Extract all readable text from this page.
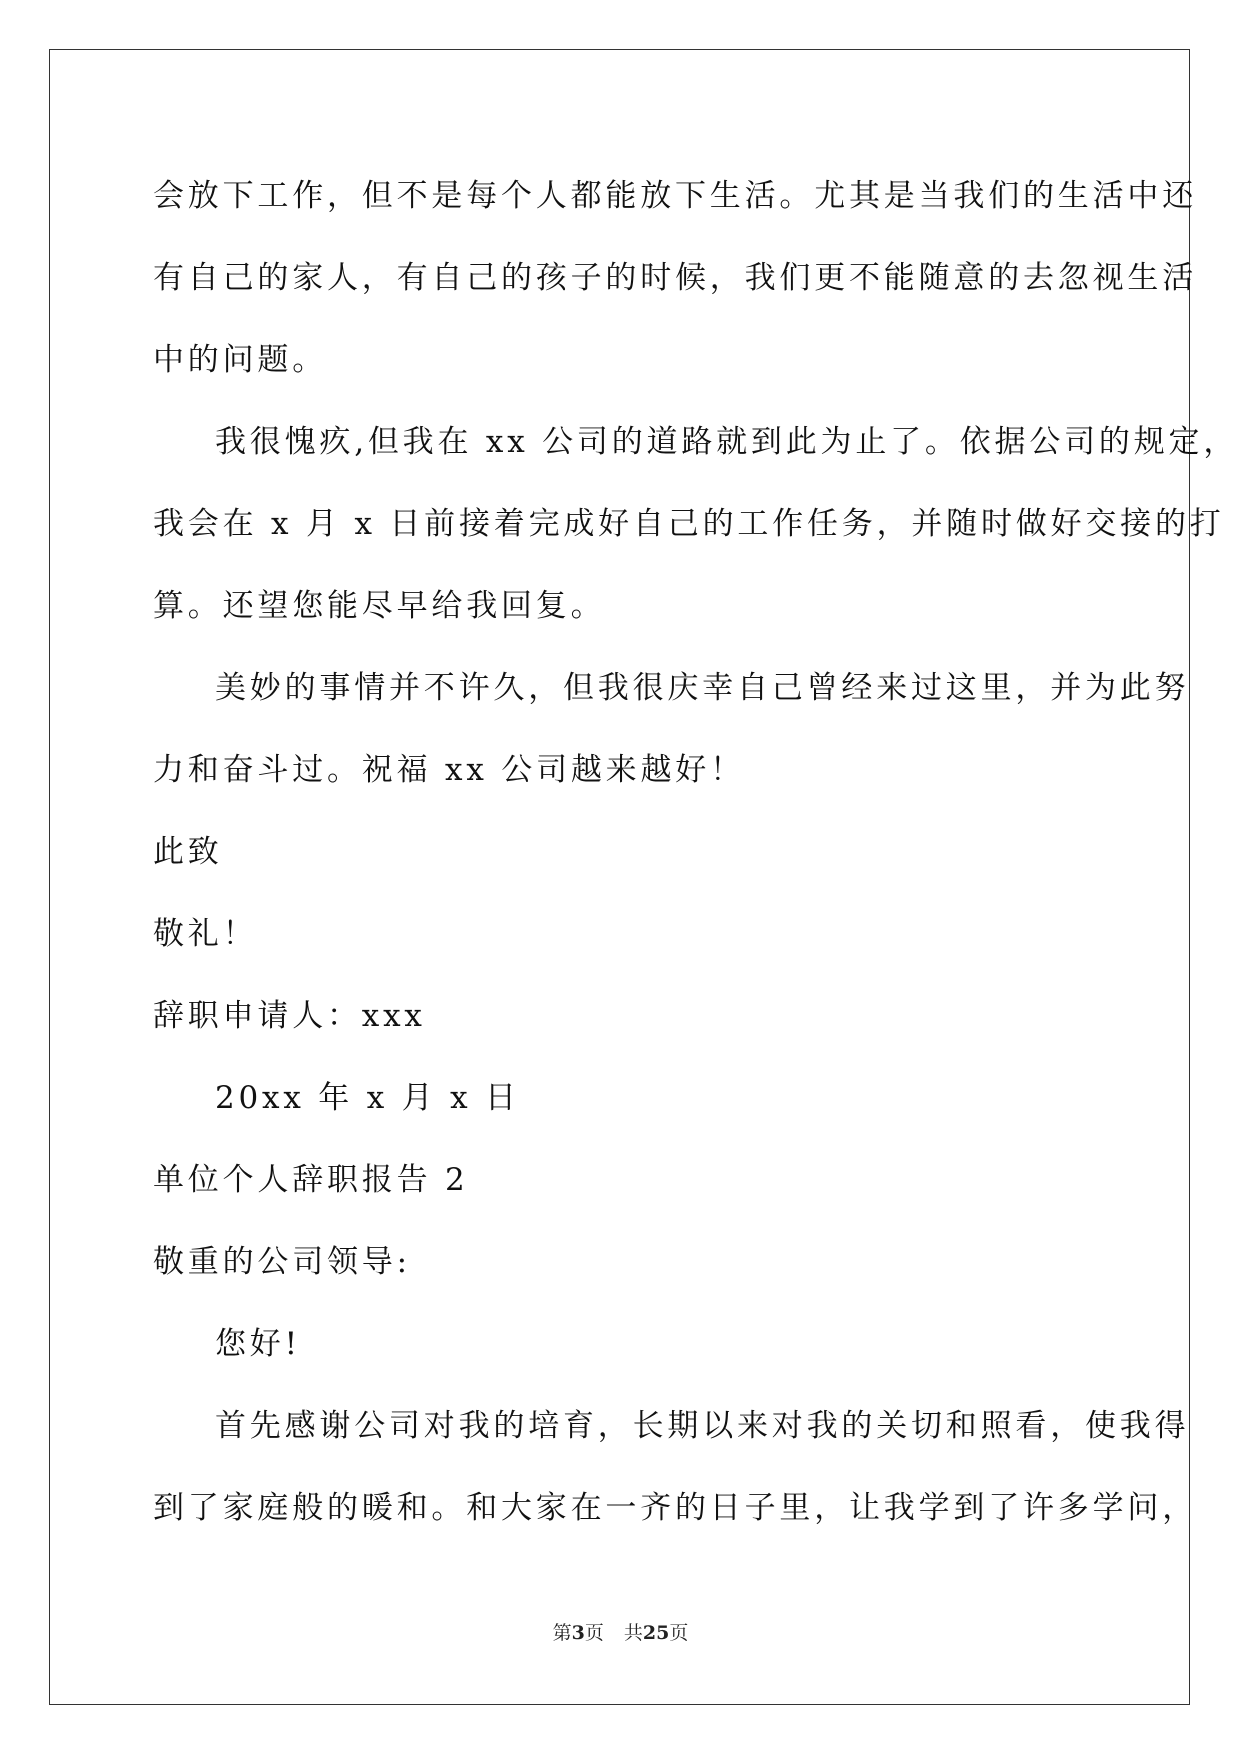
会放下工作，但不是每个人都能放下生活。尤其是当我们的生活中还
有自己的家人，有自己的孩子的时候，我们更不能随意的去忽视生活
中的问题。
我很愧疚,但我在 xx 公司的道路就到此为止了。依据公司的规定，
我会在 x 月 x 日前接着完成好自己的工作任务，并随时做好交接的打
算。还望您能尽早给我回复。
美妙的事情并不许久，但我很庆幸自己曾经来过这里，并为此努
力和奋斗过。祝福 xx 公司越来越好！
此致
敬礼！
辞职申请人：xxx
20xx 年 x 月 x 日
单位个人辞职报告 2
敬重的公司领导:
您好!
首先感谢公司对我的培育，长期以来对我的关切和照看，使我得
到了家庭般的暖和。和大家在一齐的日子里，让我学到了许多学问，
第3页 共25页
